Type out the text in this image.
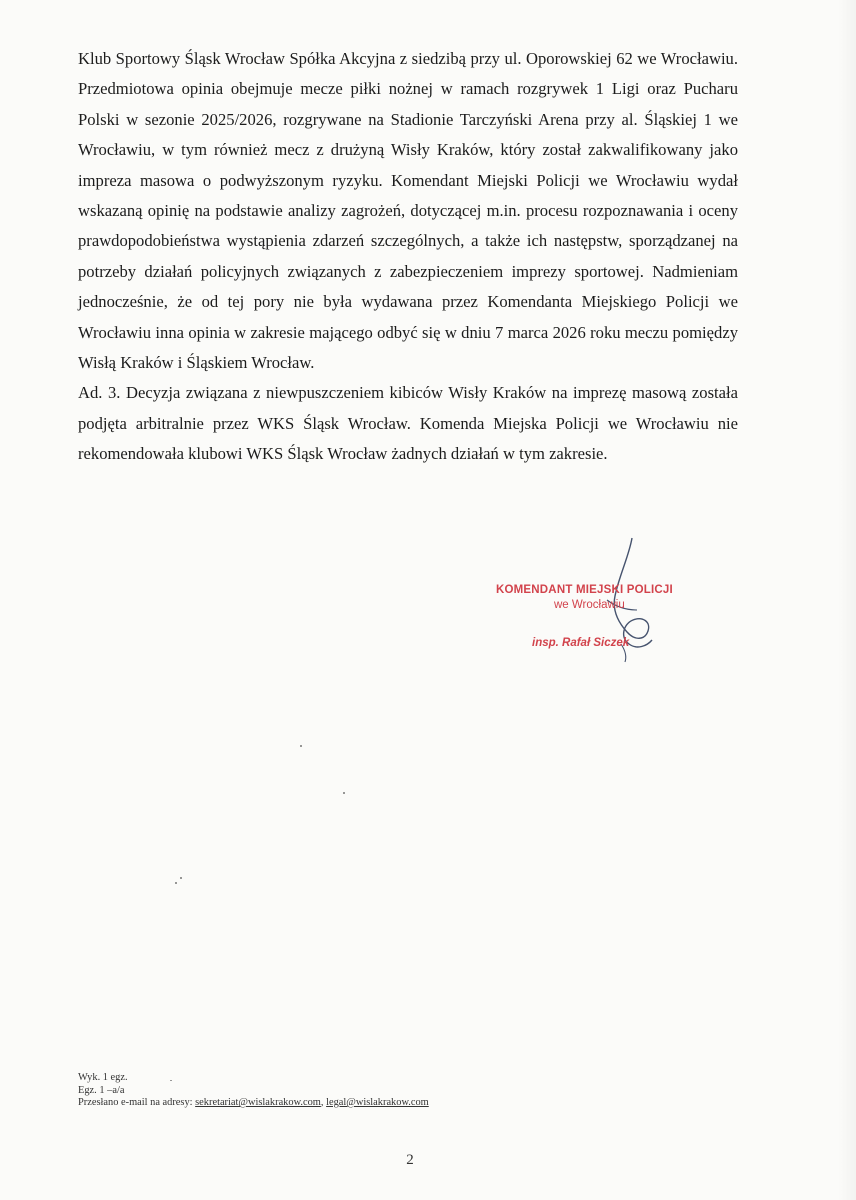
Klub Sportowy Śląsk Wrocław Spółka Akcyjna z siedzibą przy ul. Oporowskiej 62 we Wrocławiu. Przedmiotowa opinia obejmuje mecze piłki nożnej w ramach rozgrywek 1 Ligi oraz Pucharu Polski w sezonie 2025/2026, rozgrywane na Stadionie Tarczyński Arena przy al. Śląskiej 1 we Wrocławiu, w tym również mecz z drużyną Wisły Kraków, który został zakwalifikowany jako impreza masowa o podwyższonym ryzyku. Komendant Miejski Policji we Wrocławiu wydał wskazaną opinię na podstawie analizy zagrożeń, dotyczącej m.in. procesu rozpoznawania i oceny prawdopodobieństwa wystąpienia zdarzeń szczególnych, a także ich następstw, sporządzanej na potrzeby działań policyjnych związanych z zabezpieczeniem imprezy sportowej. Nadmieniam jednocześnie, że od tej pory nie była wydawana przez Komendanta Miejskiego Policji we Wrocławiu inna opinia w zakresie mającego odbyć się w dniu 7 marca 2026 roku meczu pomiędzy Wisłą Kraków i Śląskiem Wrocław.

Ad. 3. Decyzja związana z niewpuszczeniem kibiców Wisły Kraków na imprezę masową została podjęta arbitralnie przez WKS Śląsk Wrocław. Komenda Miejska Policji we Wrocławiu nie rekomendowała klubowi WKS Śląsk Wrocław żadnych działań w tym zakresie.

KOMENDANT MIEJSKI POLICJI
we Wrocławiu
insp. Rafał Siczek
Wyk. 1 egz.
Egz. 1 –a/a
Przesłano e-mail na adresy: sekretariat@wislakrakow.com, legal@wislakrakow.com
2
